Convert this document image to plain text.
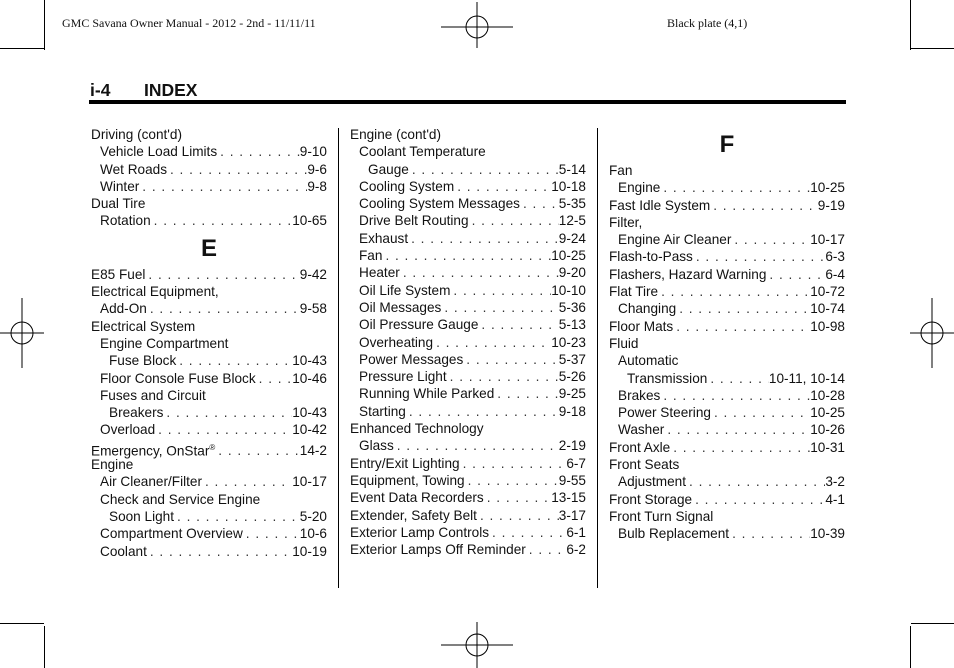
GMC Savana Owner Manual - 2012 - 2nd - 11/11/11	Black plate (4,1)
i-4 INDEX
Driving (cont'd)
Vehicle Load Limits . . .	9-10
Wet Roads . . .	9-6
Winter . . .	9-8
Dual Tire
Rotation . . .	10-65
E
E85 Fuel . . .	9-42
Electrical Equipment,
Add-On . . .	9-58
Electrical System
Engine Compartment
Fuse Block . . .	10-43
Floor Console Fuse Block . . .	10-46
Fuses and Circuit
Breakers . . .	10-43
Overload . . .	10-42
Emergency, OnStar® . . .	14-2
Engine
Air Cleaner/Filter . . .	10-17
Check and Service Engine
Soon Light . . .	5-20
Compartment Overview . . .	10-6
Coolant . . .	10-19
Engine (cont'd)
Coolant Temperature
Gauge . . .	5-14
Cooling System . . .	10-18
Cooling System Messages . . .	5-35
Drive Belt Routing . . .	12-5
Exhaust . . .	9-24
Fan . . .	10-25
Heater . . .	9-20
Oil Life System . . .	10-10
Oil Messages . . .	5-36
Oil Pressure Gauge . . .	5-13
Overheating . . .	10-23
Power Messages . . .	5-37
Pressure Light . . .	5-26
Running While Parked . . .	9-25
Starting . . .	9-18
Enhanced Technology
Glass . . .	2-19
Entry/Exit Lighting . . .	6-7
Equipment, Towing . . .	9-55
Event Data Recorders . . .	13-15
Extender, Safety Belt . . .	3-17
Exterior Lamp Controls . . .	6-1
Exterior Lamps Off Reminder . . .	6-2
F
Fan
Engine . . .	10-25
Fast Idle System . . .	9-19
Filter,
Engine Air Cleaner . . .	10-17
Flash-to-Pass . . .	6-3
Flashers, Hazard Warning . . .	6-4
Flat Tire . . .	10-72
Changing . . .	10-74
Floor Mats . . .	10-98
Fluid
Automatic
Transmission . . .	10-11, 10-14
Brakes . . .	10-28
Power Steering . . .	10-25
Washer . . .	10-26
Front Axle . . .	10-31
Front Seats
Adjustment . . .	3-2
Front Storage . . .	4-1
Front Turn Signal
Bulb Replacement . . .	10-39
